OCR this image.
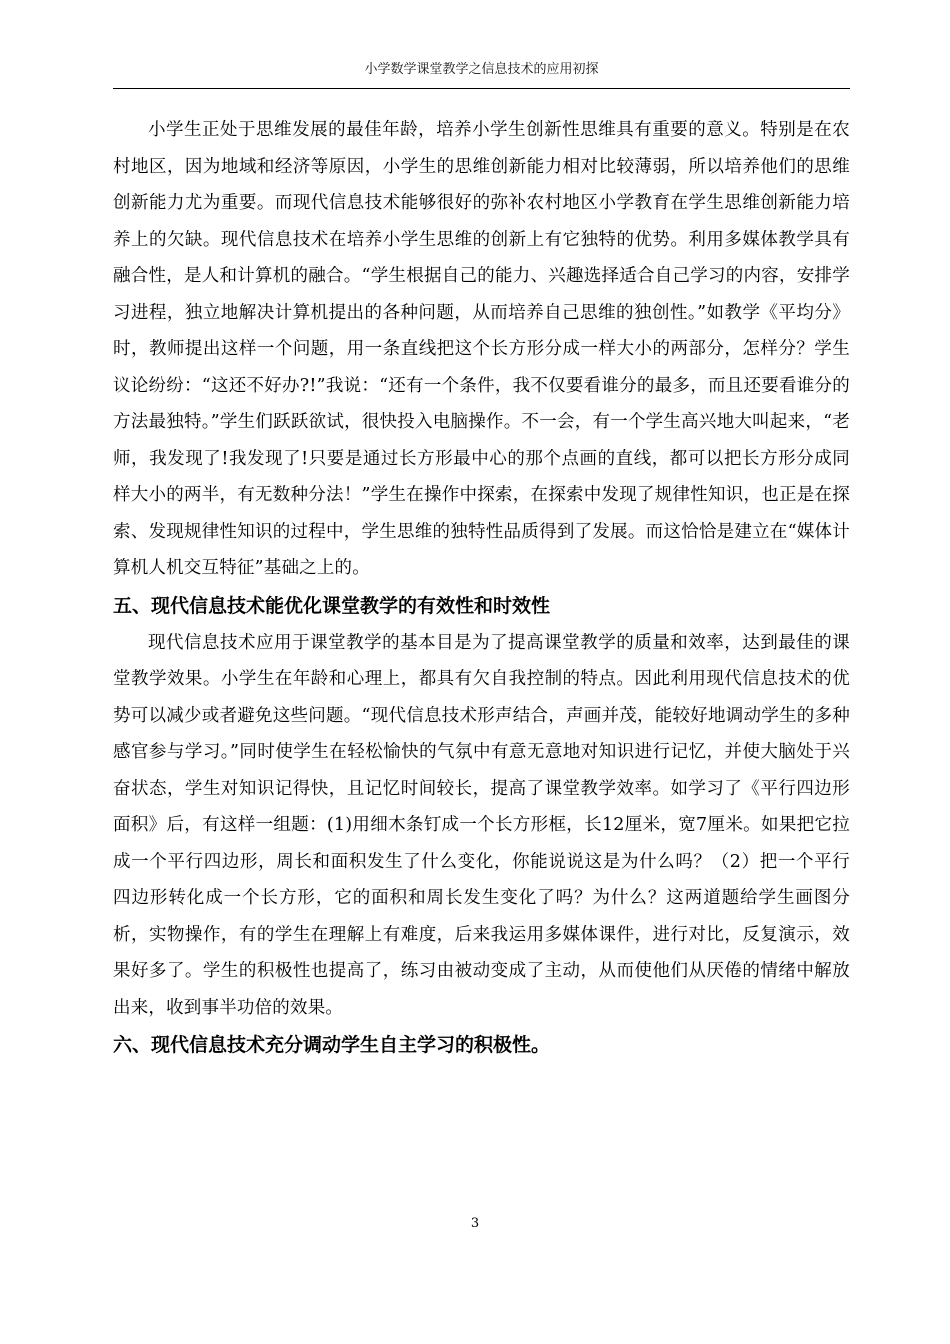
小学数学课堂教学之信息技术的应用初探

小学生正处于思维发展的最佳年龄，培养小学生创新性思维具有重要的意义。特别是在农村地区，因为地域和经济等原因，小学生的思维创新能力相对比较薄弱，所以培养他们的思维创新能力尤为重要。而现代信息技术能够很好的弥补农村地区小学教育在学生思维创新能力培养上的欠缺。现代信息技术在培养小学生思维的创新上有它独特的优势。利用多媒体教学具有融合性，是人和计算机的融合。“学生根据自己的能力、兴趣选择适合自己学习的内容，安排学习进程，独立地解决计算机提出的各种问题，从而培养自己思维的独创性。”如教学《平均分》时，教师提出这样一个问题，用一条直线把这个长方形分成一样大小的两部分，怎样分？学生议论纷纷：“这还不好办?!”我说：“还有一个条件，我不仅要看谁分的最多，而且还要看谁分的方法最独特。”学生们跃跃欲试，很快投入电脑操作。不一会，有一个学生高兴地大叫起来，“老师，我发现了!我发现了!只要是通过长方形最中心的那个点画的直线，都可以把长方形分成同样大小的两半，有无数种分法！”学生在操作中探索，在探索中发现了规律性知识，也正是在探索、发现规律性知识的过程中，学生思维的独特性品质得到了发展。而这恰恰是建立在“媒体计算机人机交互特征”基础之上的。

五、现代信息技术能优化课堂教学的有效性和时效性

现代信息技术应用于课堂教学的基本目是为了提高课堂教学的质量和效率，达到最佳的课堂教学效果。小学生在年龄和心理上，都具有欠自我控制的特点。因此利用现代信息技术的优势可以减少或者避免这些问题。“现代信息技术形声结合，声画并茂，能较好地调动学生的多种感官参与学习。”同时使学生在轻松愉快的气氛中有意无意地对知识进行记忆，并使大脑处于兴奋状态，学生对知识记得快，且记忆时间较长，提高了课堂教学效率。如学习了《平行四边形面积》后，有这样一组题：(1)用细木条钉成一个长方形框，长12厘米，宽7厘米。如果把它拉成一个平行四边形，周长和面积发生了什么变化，你能说说这是为什么吗？（2）把一个平行四边形转化成一个长方形，它的面积和周长发生变化了吗？为什么？这两道题给学生画图分析，实物操作，有的学生在理解上有难度，后来我运用多媒体课件，进行对比，反复演示，效果好多了。学生的积极性也提高了，练习由被动变成了主动，从而使他们从厌倦的情绪中解放出来，收到事半功倍的效果。

六、现代信息技术充分调动学生自主学习的积极性。
3
